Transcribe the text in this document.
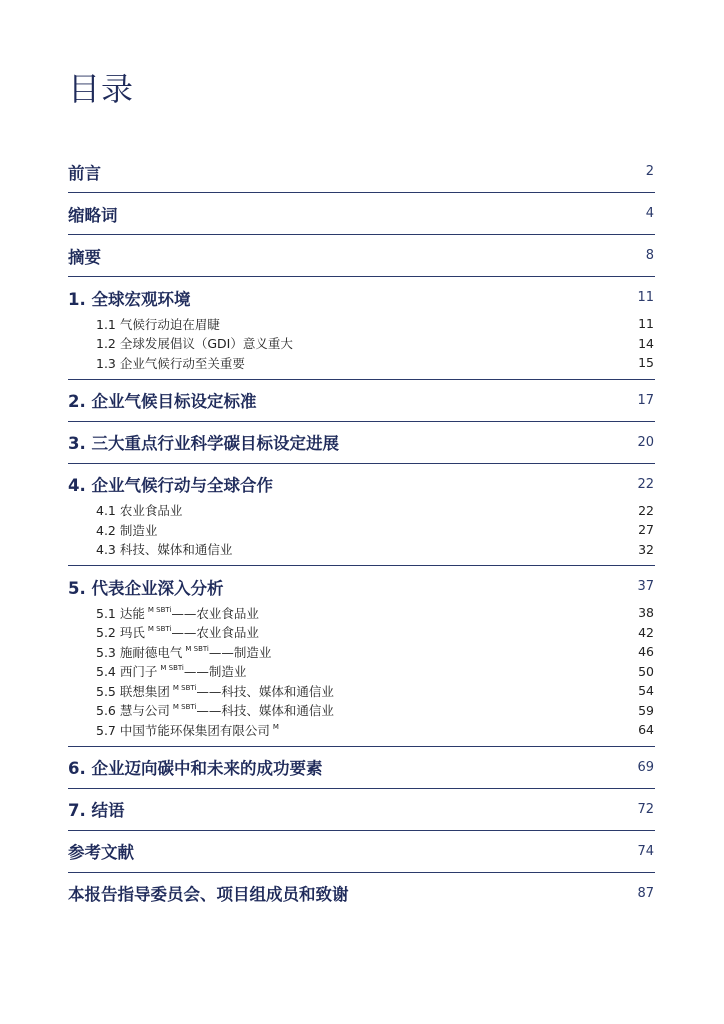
目录
前言	2
缩略词	4
摘要	8
1. 全球宏观环境	11
1.1 气候行动迫在眉睫	11
1.2 全球发展倡议（GDI）意义重大	14
1.3 企业气候行动至关重要	15
2. 企业气候目标设定标准	17
3. 三大重点行业科学碳目标设定进展	20
4. 企业气候行动与全球合作	22
4.1 农业食品业	22
4.2 制造业	27
4.3 科技、媒体和通信业	32
5. 代表企业深入分析	37
5.1 达能 $^{M SBTi}$——农业食品业	38
5.2 玛氏 $^{M SBTi}$——农业食品业	42
5.3 施耐德电气 $^{M SBTi}$——制造业	46
5.4 西门子 $^{M SBTi}$——制造业	50
5.5 联想集团 $^{M SBTi}$——科技、媒体和通信业	54
5.6 慧与公司 $^{M SBTi}$——科技、媒体和通信业	59
5.7 中国节能环保集团有限公司 $^M$	64
6. 企业迈向碳中和未来的成功要素	69
7. 结语	72
参考文献	74
本报告指导委员会、项目组成员和致谢	87
